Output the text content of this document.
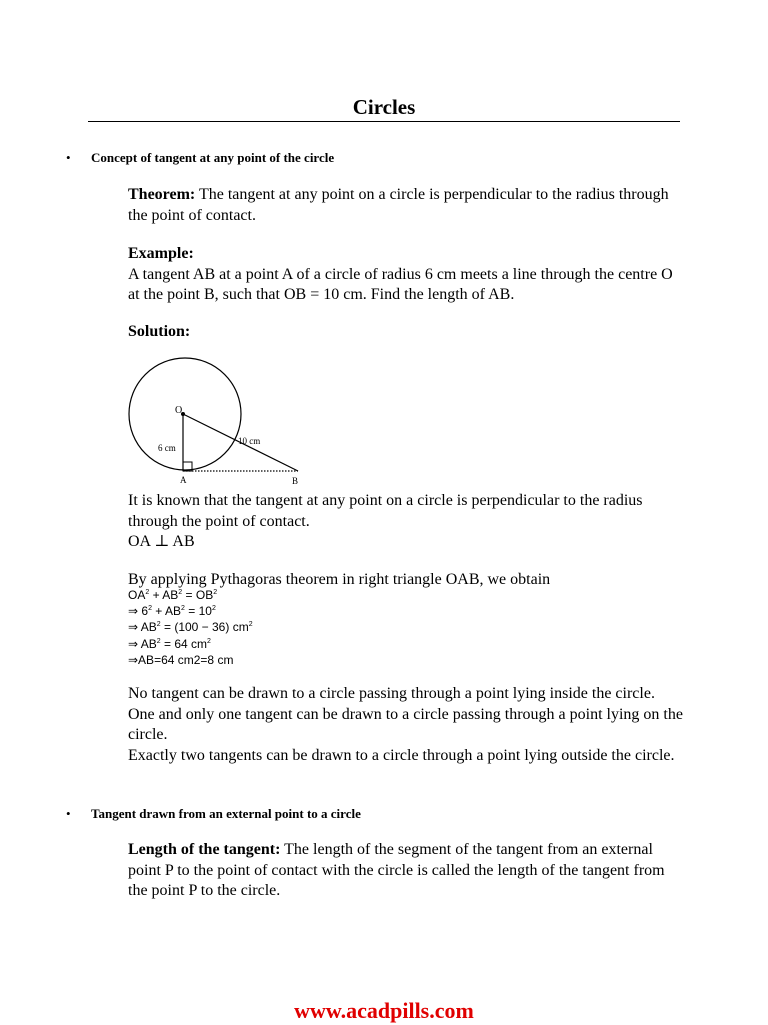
Circles
• Concept of tangent at any point of the circle
Theorem: The tangent at any point on a circle is perpendicular to the radius through the point of contact.
Example:
A tangent AB at a point A of a circle of radius 6 cm meets a line through the centre O at the point B, such that OB = 10 cm. Find the length of AB.
Solution:
O
A	B
6 cm
10 cm
It is known that the tangent at any point on a circle is perpendicular to the radius through the point of contact.
OA ⊥ AB
By applying Pythagoras theorem in right triangle OAB, we obtain
$OA^2 + AB^2 = OB^2$
⇒ $6^2 + AB^2 = 10^2$
⇒ $AB^2 = (100 - 36)$ $cm^2$
⇒ $AB^2 = 64$ $cm^2$
⇒AB=64 cm2=8 cm
No tangent can be drawn to a circle passing through a point lying inside the circle.
One and only one tangent can be drawn to a circle passing through a point lying on the circle.
Exactly two tangents can be drawn to a circle through a point lying outside the circle.
• Tangent drawn from an external point to a circle
Length of the tangent: The length of the segment of the tangent from an external point P to the point of contact with the circle is called the length of the tangent from the point P to the circle.
www.acadpills.com
